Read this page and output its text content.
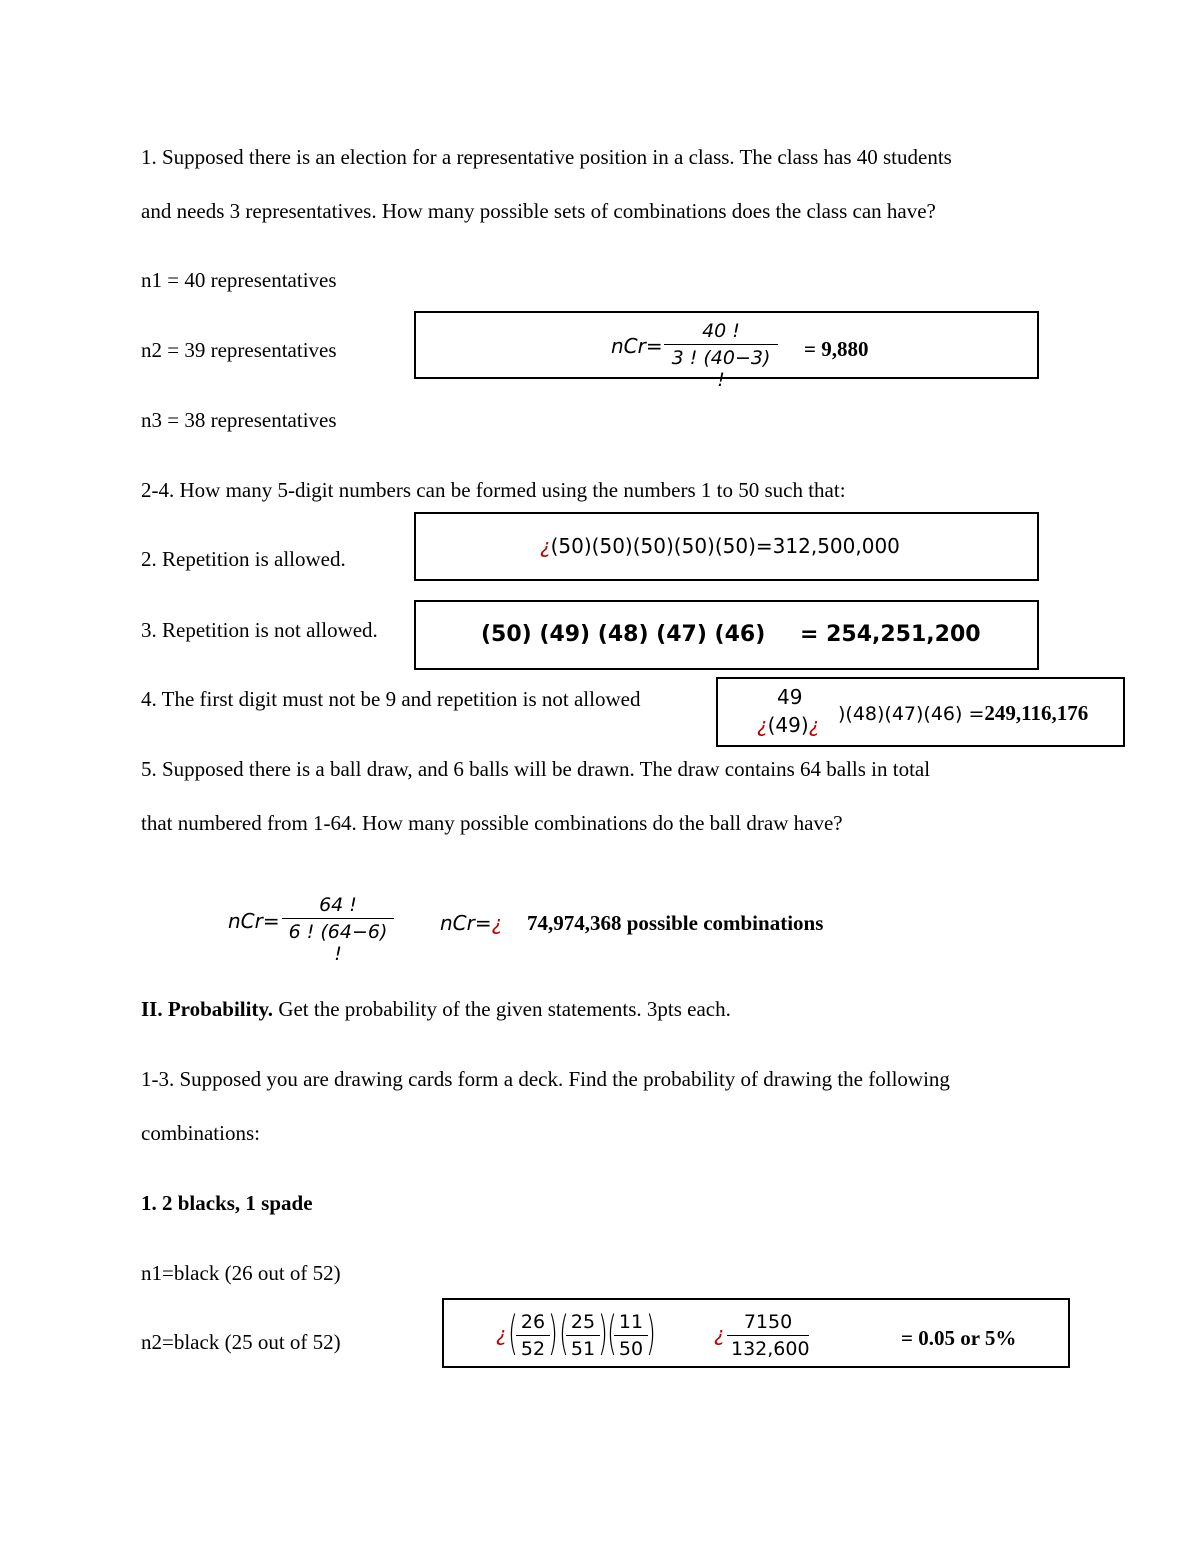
1. Supposed there is an election for a representative position in a class. The class has 40 students
and needs 3 representatives. How many possible sets of combinations does the class can have?
n1 = 40 representatives
n2 = 39 representatives
n3 = 38 representatives
$nCr= \frac{40 !}{3 ! (40-3) !} = 9,880$
2-4. How many 5-digit numbers can be formed using the numbers 1 to 50 such that:
2. Repetition is allowed.
¿(50)(50)(50)(50)(50)=312,500,000
3. Repetition is not allowed.	(50) (49) (48) (47) (46) = 254,251,200
4. The first digit must not be 9 and repetition is not allowed	49
¿(49)¿ )(48)(47)(46) =249,116,176
5. Supposed there is a ball draw, and 6 balls will be drawn. The draw contains 64 balls in total
that numbered from 1-64. How many possible combinations do the ball draw have?
$nCr= \frac{64 !}{6 ! (64-6) !}$ nCr=¿ 74,974,368 possible combinations
II. Probability. Get the probability of the given statements. 3pts each.
1-3. Supposed you are drawing cards form a deck. Find the probability of drawing the following
combinations:
1. 2 blacks, 1 spade
n1=black (26 out of 52)
n2=black (25 out of 52)	¿ (
$\frac{26}{52}$
) (
$\frac{25}{51}$
) (
$\frac{11}{50}$
)	¿ $\frac{7150}{132,600}$	= 0.05 or 5%
